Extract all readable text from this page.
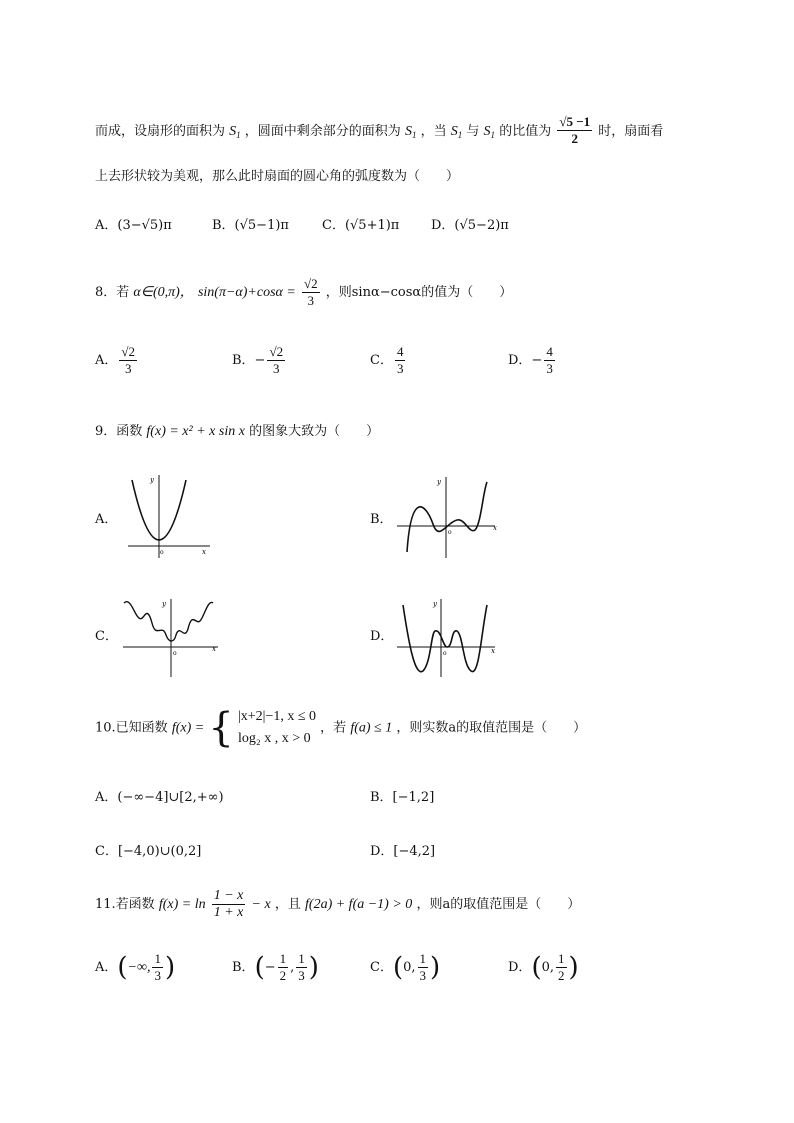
而成，设扇形的面积为 $S_1$ ，圆面中剩余部分的面积为 $S_1$ ，当 $S_1$ 与 $S_1$ 的比值为 $\frac{√5 -1}{2}$ 时，扇面看
上去形状较为美观，那么此时扇面的圆心角的弧度数为（　　）
A．(3−√5)π	B．(√5−1)π	C．(√5+1)π D．(√5−2)π
8．若 α∈(0,π)， $\sin(\pi-\alpha)+\cos\alpha = \frac{√2}{3}$ ，则sinα−cosα的值为（　　）
A． $\frac{√2}{3}$	B．− $\frac{√2}{3}$	C． $\frac{4}{3}$	D．− $\frac{4}{3}$
9．函数 f(x) = x² + x sin x 的图象大致为（　　）
A．	B．
C．	D．
y
x
o
y
x
o
y
x
o
y
x
o
10.已知函数 f(x) = { |x+2|−1, x ≤ 0
log₂ x , x > 0
，若 f(a) ≤ 1 ，则实数a的取值范围是（　　）
A．(−∞−4]∪[2,+∞)	B．[−1,2]
C．[−4,0)∪(0,2]	D．[−4,2]
11.若函数 $f(x) = \ln \frac{1 - x}{1 + x} - x$ ，且 f(2a) + f(a −1) > 0 ，则a的取值范围是（　　）
A．(−∞, $\frac{1}{3}$ )	B．(− $\frac{1}{2}$ , $\frac{1}{3}$ )	C．(0, $\frac{1}{3}$ )	D．(0, $\frac{1}{2}$ )
